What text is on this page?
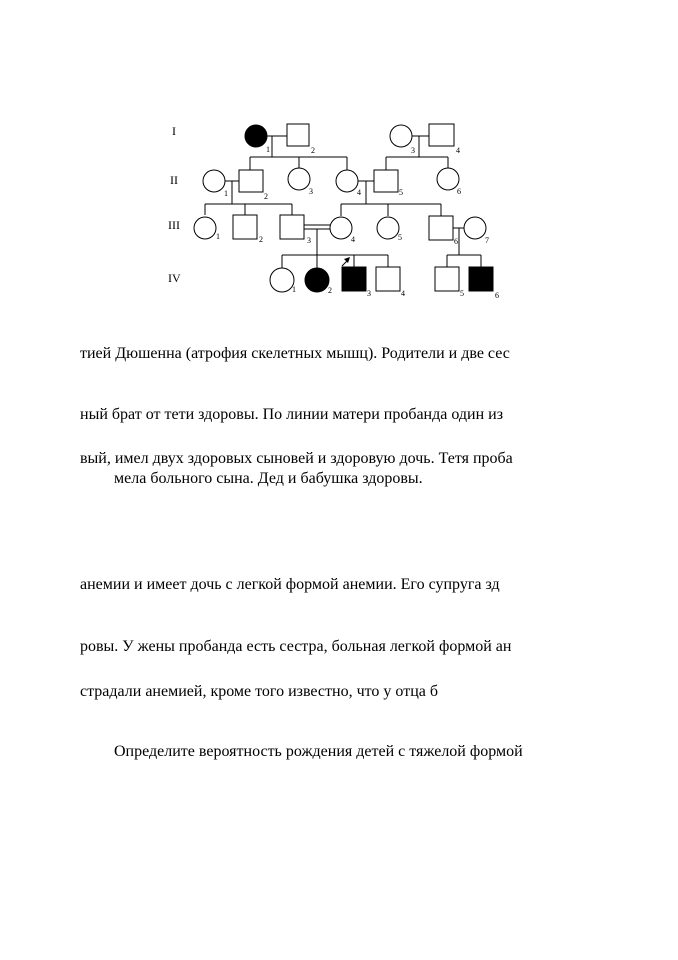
I
II
III
IV
1	2	3	4
1	2
3	4	5	6
1	2	3	4	5	6	7
1	2	3	4	5	6
тией Дюшенна (атрофия скелетных мышц). Родители и две сес
ный брат от тети здоровы. По линии матери пробанда один из
вый, имел двух здоровых сыновей и здоровую дочь. Тетя проба
мела больного сына. Дед и бабушка здоровы.
анемии и имеет дочь с легкой формой анемии. Его супруга зд
ровы. У жены пробанда есть сестра, больная легкой формой ан
страдали анемией, кроме того известно, что у отца б
Определите вероятность рождения детей с тяжелой формой
